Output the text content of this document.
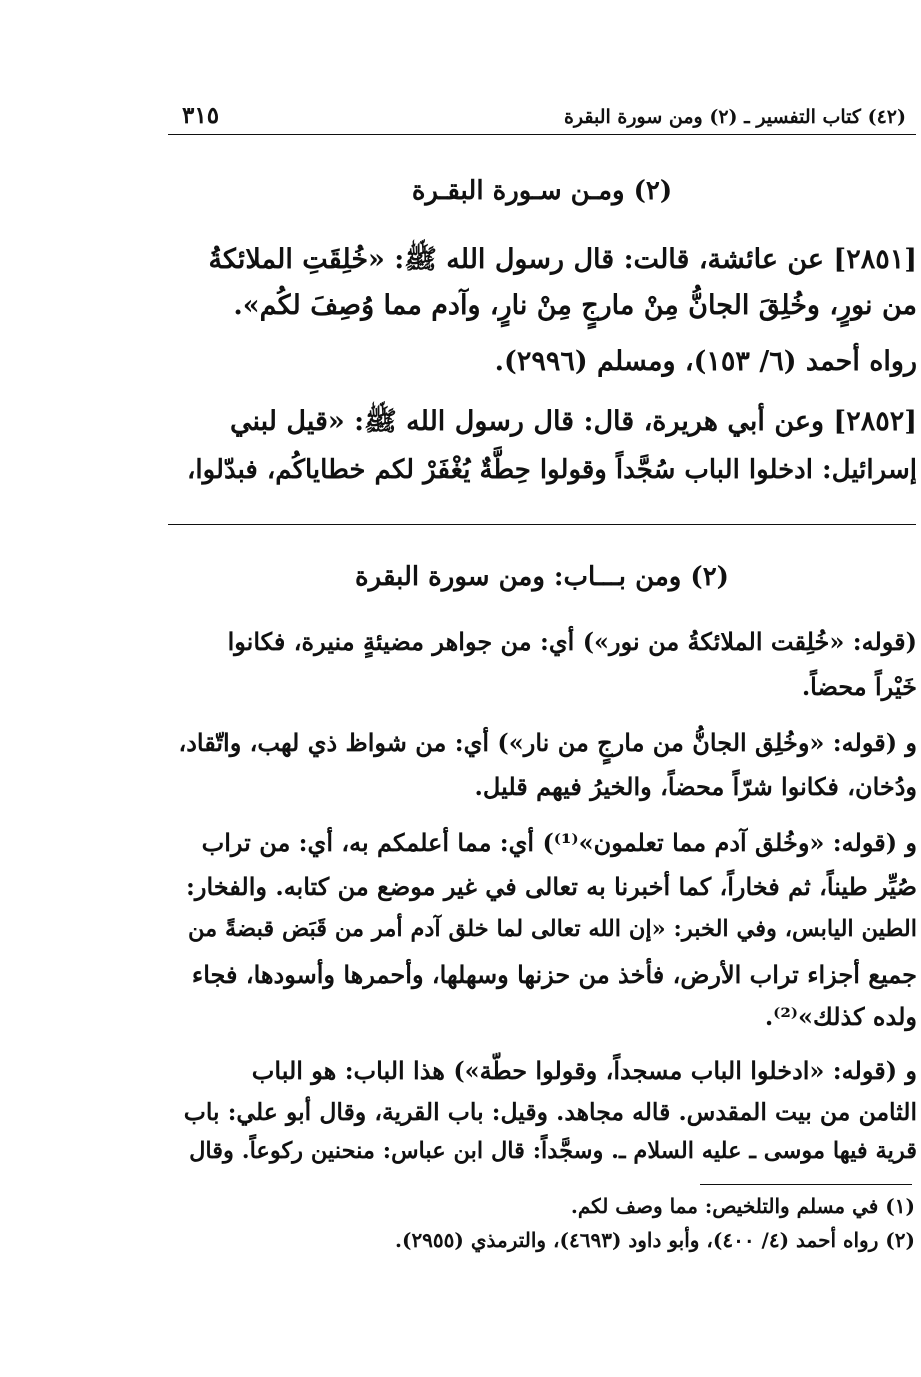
(٤٢) كتاب التفسير ـ (٢) ومن سورة البقرة
٣١٥
(٢) ومـن سـورة البقـرة
[٢٨٥١] عن عائشة، قالت: قال رسول الله ﷺ: «خُلِقَتِ الملائكةُ
من نورٍ، وخُلِقَ الجانُّ مِنْ مارجٍ مِنْ نارٍ، وآدم مما وُصِفَ لكُم».
رواه أحمد (٦/ ١٥٣)، ومسلم (٢٩٩٦).
[٢٨٥٢] وعن أبي هريرة، قال: قال رسول الله ﷺ: «قيل لبني
إسرائيل: ادخلوا الباب سُجَّداً وقولوا حِطَّةٌ يُغْفَرْ لكم خطاياكُم، فبدّلوا،
(٢) ومن بـــاب: ومن سورة البقرة
(قوله: «خُلِقت الملائكةُ من نور») أي: من جواهر مضيئةٍ منيرة، فكانوا
خَيْراً محضاً.
و (قوله: «وخُلِق الجانُّ من مارجٍ من نار») أي: من شواظ ذي لهب، واتّقاد،
ودُخان، فكانوا شرّاً محضاً، والخيرُ فيهم قليل.
و (قوله: «وخُلق آدم مما تعلمون»⁽¹⁾) أي: مما أعلمكم به، أي: من تراب
صُيِّر طيناً، ثم فخاراً، كما أخبرنا به تعالى في غير موضع من كتابه. والفخار:
الطين اليابس، وفي الخبر: «إن الله تعالى لما خلق آدم أمر من قَبَض قبضةً من
جميع أجزاء تراب الأرض، فأخذ من حزنها وسهلها، وأحمرها وأسودها، فجاء
ولده كذلك»⁽²⁾.
و (قوله: «ادخلوا الباب مسجداً، وقولوا حطّة») هذا الباب: هو الباب
الثامن من بيت المقدس. قاله مجاهد. وقيل: باب القرية، وقال أبو علي: باب
قرية فيها موسى ـ عليه السلام ـ. وسجَّداً: قال ابن عباس: منحنين ركوعاً. وقال
(١) في مسلم والتلخيص: مما وصف لكم.
(٢) رواه أحمد (٤/ ٤٠٠)، وأبو داود (٤٦٩٣)، والترمذي (٢٩٥٥).
